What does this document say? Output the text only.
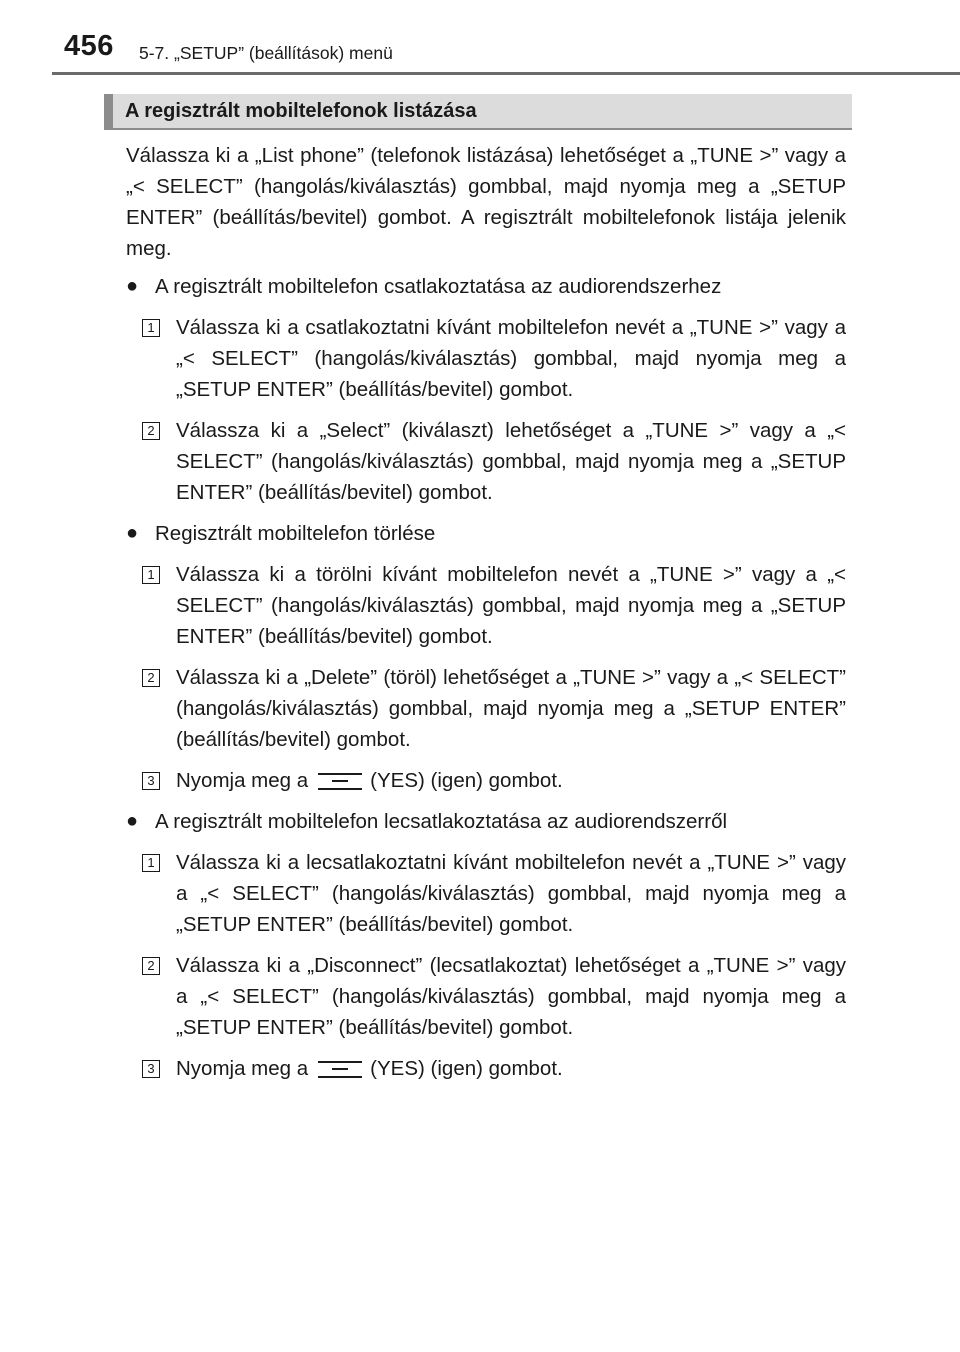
456 5-7. „SETUP” (beállítások) menü
A regisztrált mobiltelefonok listázása

Válassza ki a „List phone” (telefonok listázása) lehetőséget a „TUNE >” vagy a „< SELECT” (hangolás/kiválasztás) gombbal, majd nyomja meg a „SETUP ENTER” (beállítás/bevitel) gombot. A regisztrált mobiltelefonok listája jelenik meg.

● A regisztrált mobiltelefon csatlakoztatása az audiorendszerhez
1 Válassza ki a csatlakoztatni kívánt mobiltelefon nevét a „TUNE >” vagy a „< SELECT” (hangolás/kiválasztás) gombbal, majd nyomja meg a „SETUP ENTER” (beállítás/bevitel) gombot.
2 Válassza ki a „Select” (kiválaszt) lehetőséget a „TUNE >” vagy a „< SELECT” (hangolás/kiválasztás) gombbal, majd nyomja meg a „SETUP ENTER” (beállítás/bevitel) gombot.
● Regisztrált mobiltelefon törlése
1 Válassza ki a törölni kívánt mobiltelefon nevét a „TUNE >” vagy a „< SELECT” (hangolás/kiválasztás) gombbal, majd nyomja meg a „SETUP ENTER” (beállítás/bevitel) gombot.
2 Válassza ki a „Delete” (töröl) lehetőséget a „TUNE >” vagy a „< SELECT” (hangolás/kiválasztás) gombbal, majd nyomja meg a „SETUP ENTER” (beállítás/bevitel) gombot.
3 Nyomja meg a	(YES) (igen) gombot.
● A regisztrált mobiltelefon lecsatlakoztatása az audiorendszerről
1 Válassza ki a lecsatlakoztatni kívánt mobiltelefon nevét a „TUNE >” vagy a „< SELECT” (hangolás/kiválasztás) gombbal, majd nyomja meg a „SETUP ENTER” (beállítás/bevitel) gombot.
2 Válassza ki a „Disconnect” (lecsatlakoztat) lehetőséget a „TUNE >” vagy a „< SELECT” (hangolás/kiválasztás) gombbal, majd nyomja meg a „SETUP ENTER” (beállítás/bevitel) gombot.
3 Nyomja meg a	(YES) (igen) gombot.
